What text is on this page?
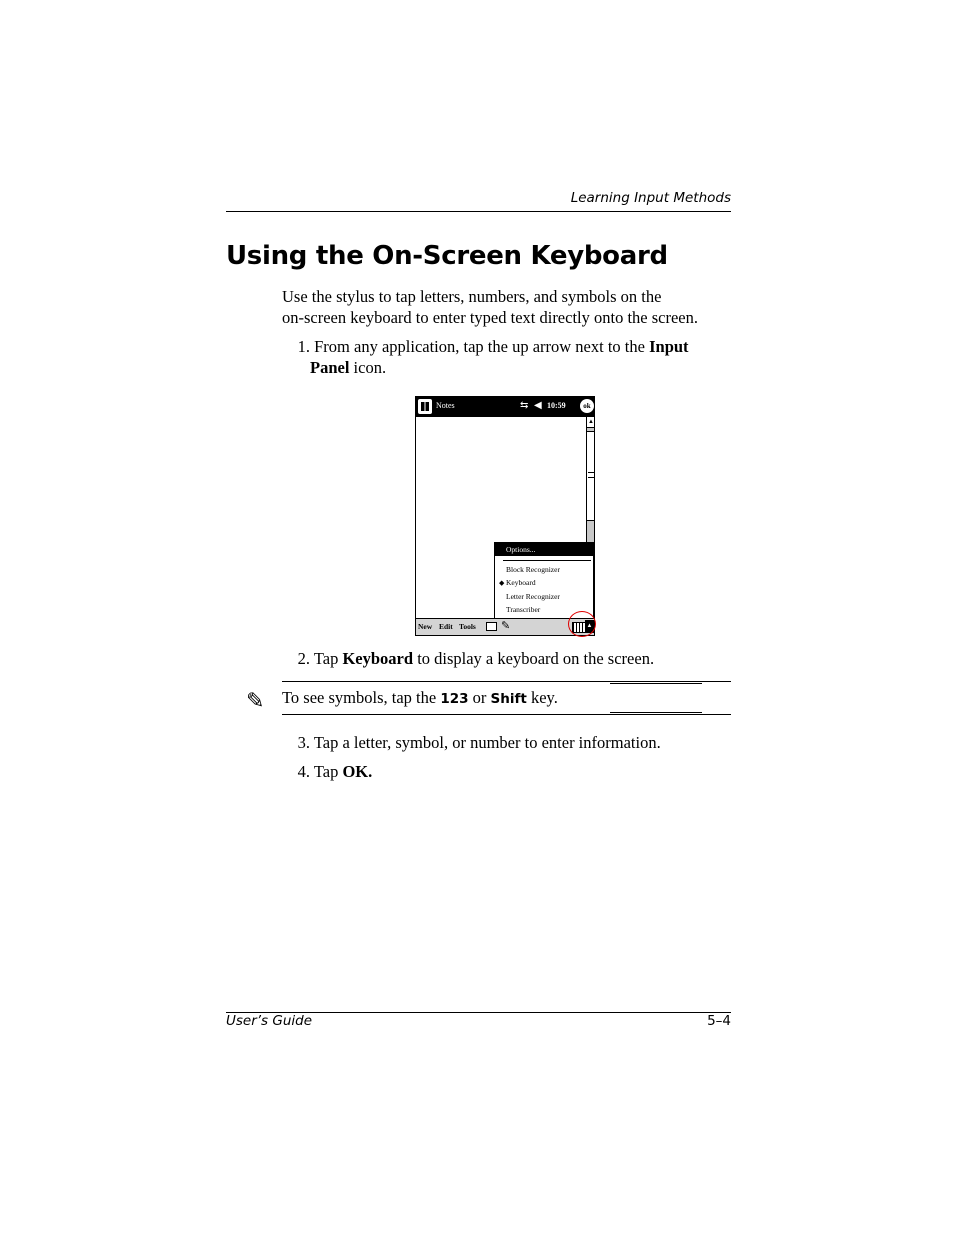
Learning Input Methods
Using the On-Screen Keyboard
Use the stylus to tap letters, numbers, and symbols on the
on-screen keyboard to enter typed text directly onto the screen.
1. From any application, tap the up arrow next to the Input
Panel icon.
Notes	⇆ ◀ 10:59	ok
▲
Options...
◆
Block Recognizer
Keyboard
Letter Recognizer
Transcriber
New Edit Tools ✎	▲
2. Tap Keyboard to display a keyboard on the screen.
✎ To see symbols, tap the 123 or Shift key.
3. Tap a letter, symbol, or number to enter information.
4. Tap OK.
User’s Guide	5–4
